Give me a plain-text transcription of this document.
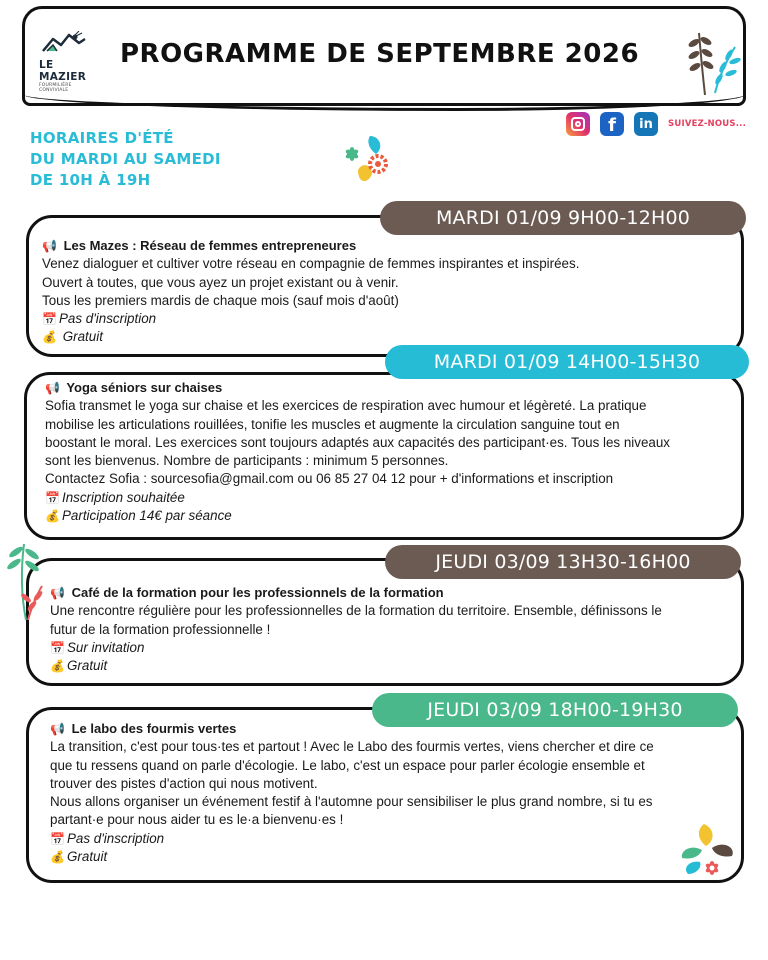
LE MAZIER
FOURMILIÈRE CONVIVIALE
PROGRAMME DE SEPTEMBRE 2026
HORAIRES D'ÉTÉ
DU MARDI AU SAMEDI
DE 10H À 19H
f	in	SUIVEZ-NOUS...
MARDI 01/09 9H00-12H00
📢 Les Mazes : Réseau de femmes entrepreneures
Venez dialoguer et cultiver votre réseau en compagnie de femmes inspirantes et inspirées.
Ouvert à toutes, que vous ayez un projet existant ou à venir.
Tous les premiers mardis de chaque mois (sauf mois d'août)
📅 Pas d'inscription
💰 Gratuit
MARDI 01/09 14H00-15H30
📢 Yoga séniors sur chaises
Sofia transmet le yoga sur chaise et les exercices de respiration avec humour et légèreté. La pratique
mobilise les articulations rouillées, tonifie les muscles et augmente la circulation sanguine tout en
boostant le moral. Les exercices sont toujours adaptés aux capacités des participant·es. Tous les niveaux
sont les bienvenus. Nombre de participants : minimum 5 personnes.
Contactez Sofia : sourcesofia@gmail.com ou 06 85 27 04 12 pour + d'informations et inscription
📅 Inscription souhaitée
💰 Participation 14€ par séance
JEUDI 03/09 13H30-16H00
📢 Café de la formation pour les professionnels de la formation
Une rencontre régulière pour les professionnelles de la formation du territoire. Ensemble, définissons le
futur de la formation professionnelle !
📅 Sur invitation
💰 Gratuit
JEUDI 03/09 18H00-19H30
📢 Le labo des fourmis vertes
La transition, c'est pour tous·tes et partout ! Avec le Labo des fourmis vertes, viens chercher et dire ce
que tu ressens quand on parle d'écologie. Le labo, c'est un espace pour parler écologie ensemble et
trouver des pistes d'action qui nous motivent.
Nous allons organiser un événement festif à l'automne pour sensibiliser le plus grand nombre, si tu es
partant·e pour nous aider tu es le·a bienvenu·es !
📅 Pas d'inscription
💰 Gratuit
